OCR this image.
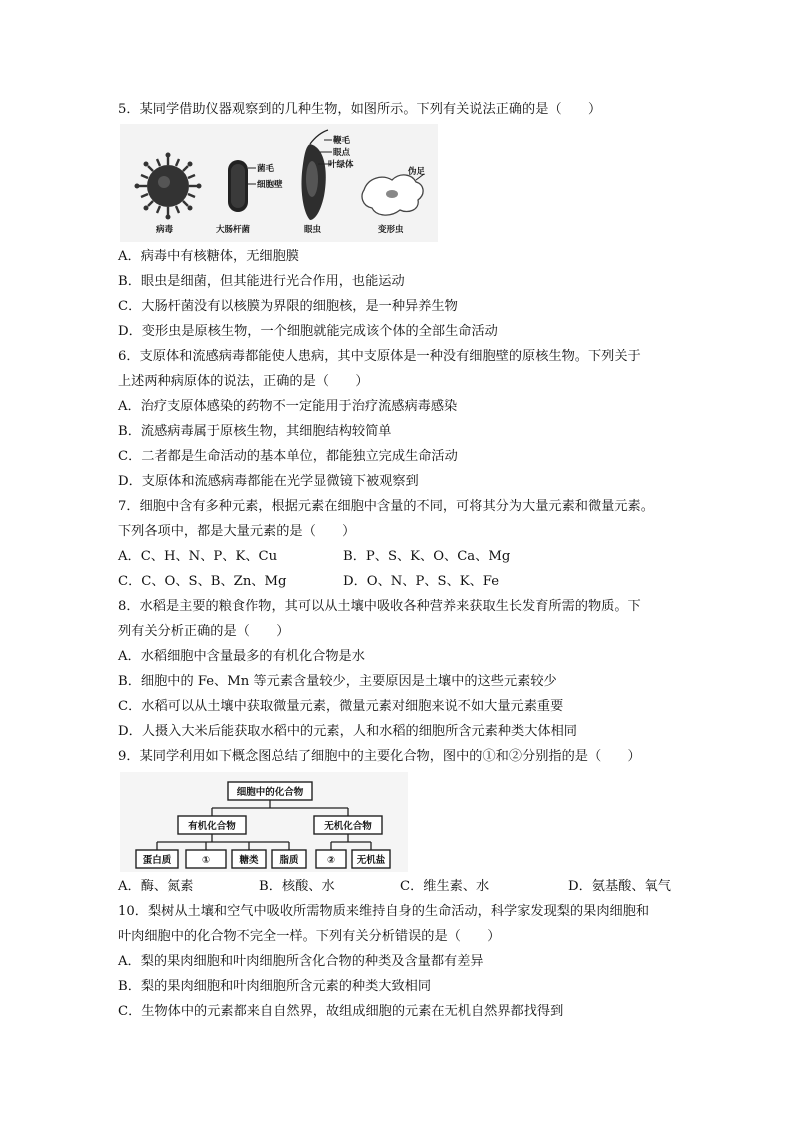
5．某同学借助仪器观察到的几种生物，如图所示。下列有关说法正确的是（　　）
病毒
菌毛
细胞壁
大肠杆菌
鞭毛
眼点
叶绿体
眼虫
伪足
变形虫
A．病毒中有核糖体，无细胞膜
B．眼虫是细菌，但其能进行光合作用，也能运动
C．大肠杆菌没有以核膜为界限的细胞核，是一种异养生物
D．变形虫是原核生物，一个细胞就能完成该个体的全部生命活动
6．支原体和流感病毒都能使人患病，其中支原体是一种没有细胞壁的原核生物。下列关于
上述两种病原体的说法，正确的是（　　）
A．治疗支原体感染的药物不一定能用于治疗流感病毒感染
B．流感病毒属于原核生物，其细胞结构较简单
C．二者都是生命活动的基本单位，都能独立完成生命活动
D．支原体和流感病毒都能在光学显微镜下被观察到
7．细胞中含有多种元素，根据元素在细胞中含量的不同，可将其分为大量元素和微量元素。
下列各项中，都是大量元素的是（　　）
A．C、H、N、P、K、Cu	B．P、S、K、O、Ca、Mg
C．C、O、S、B、Zn、Mg	D．O、N、P、S、K、Fe
8．水稻是主要的粮食作物，其可以从土壤中吸收各种营养来获取生长发育所需的物质。下
列有关分析正确的是（　　）
A．水稻细胞中含量最多的有机化合物是水
B．细胞中的 Fe、Mn 等元素含量较少，主要原因是土壤中的这些元素较少
C．水稻可以从土壤中获取微量元素，微量元素对细胞来说不如大量元素重要
D．人摄入大米后能获取水稻中的元素，人和水稻的细胞所含元素种类大体相同
9．某同学利用如下概念图总结了细胞中的主要化合物，图中的①和②分别指的是（　　）
细胞中的化合物
有机化合物	无机化合物
蛋白质	①	糖类 脂质	② 无机盐
A．酶、氮素	B．核酸、水	C．维生素、水	D．氨基酸、氧气
10．梨树从土壤和空气中吸收所需物质来维持自身的生命活动，科学家发现梨的果肉细胞和
叶肉细胞中的化合物不完全一样。下列有关分析错误的是（　　）
A．梨的果肉细胞和叶肉细胞所含化合物的种类及含量都有差异
B．梨的果肉细胞和叶肉细胞所含元素的种类大致相同
C．生物体中的元素都来自自然界，故组成细胞的元素在无机自然界都找得到
